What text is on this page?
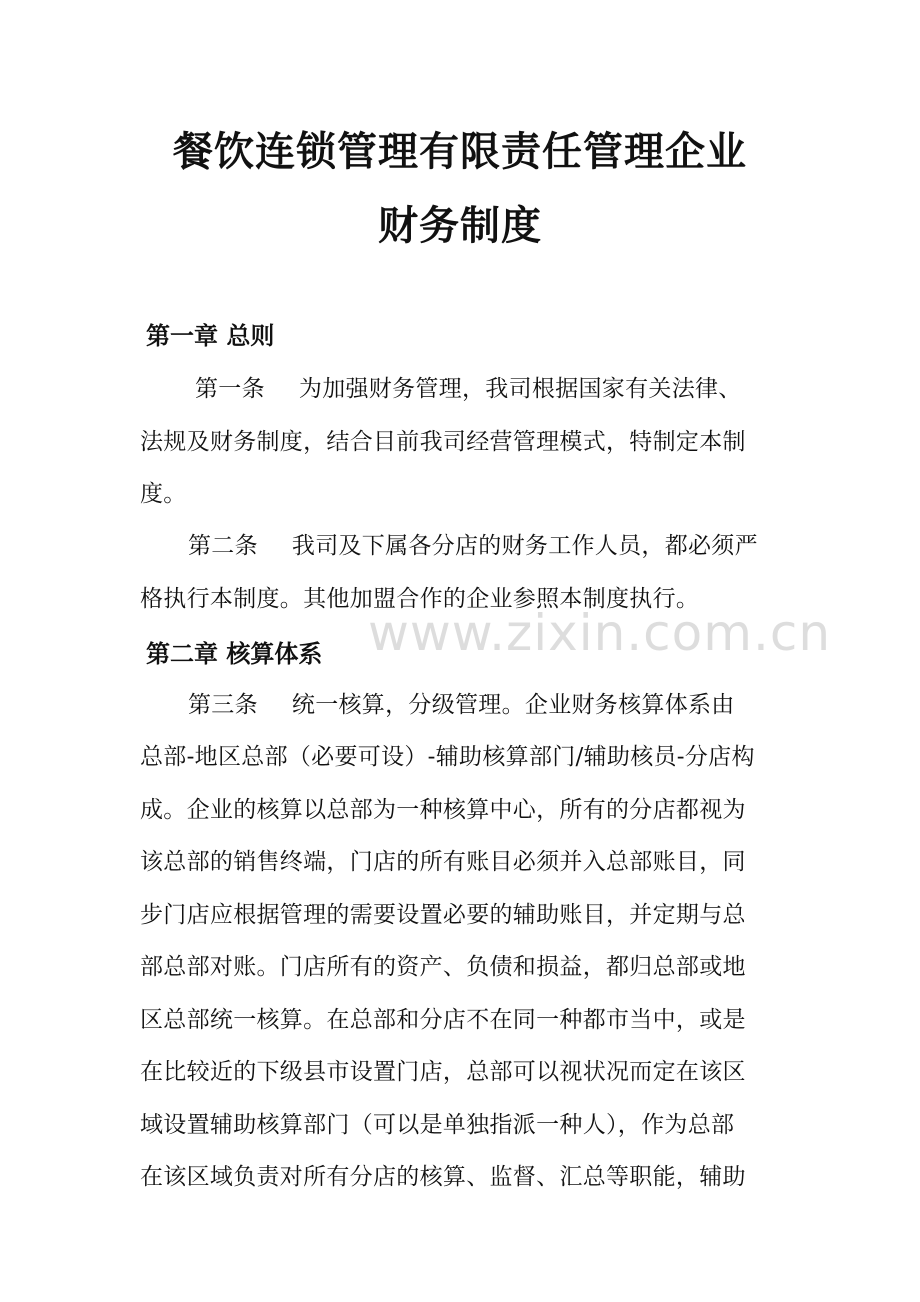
餐饮连锁管理有限责任管理企业
财务制度
第一章 总则
第一条 为加强财务管理，我司根据国家有关法律、
法规及财务制度，结合目前我司经营管理模式，特制定本制
度。
第二条 我司及下属各分店的财务工作人员，都必须严
格执行本制度。其他加盟合作的企业参照本制度执行。
www.zixin.com.cn
第二章 核算体系
第三条 统一核算，分级管理。企业财务核算体系由
总部-地区总部（必要可设）-辅助核算部门/辅助核员-分店构
成。企业的核算以总部为一种核算中心，所有的分店都视为
该总部的销售终端，门店的所有账目必须并入总部账目，同
步门店应根据管理的需要设置必要的辅助账目，并定期与总
部总部对账。门店所有的资产、负债和损益，都归总部或地
区总部统一核算。在总部和分店不在同一种都市当中，或是
在比较近的下级县市设置门店，总部可以视状况而定在该区
域设置辅助核算部门（可以是单独指派一种人），作为总部
在该区域负责对所有分店的核算、监督、汇总等职能，辅助
